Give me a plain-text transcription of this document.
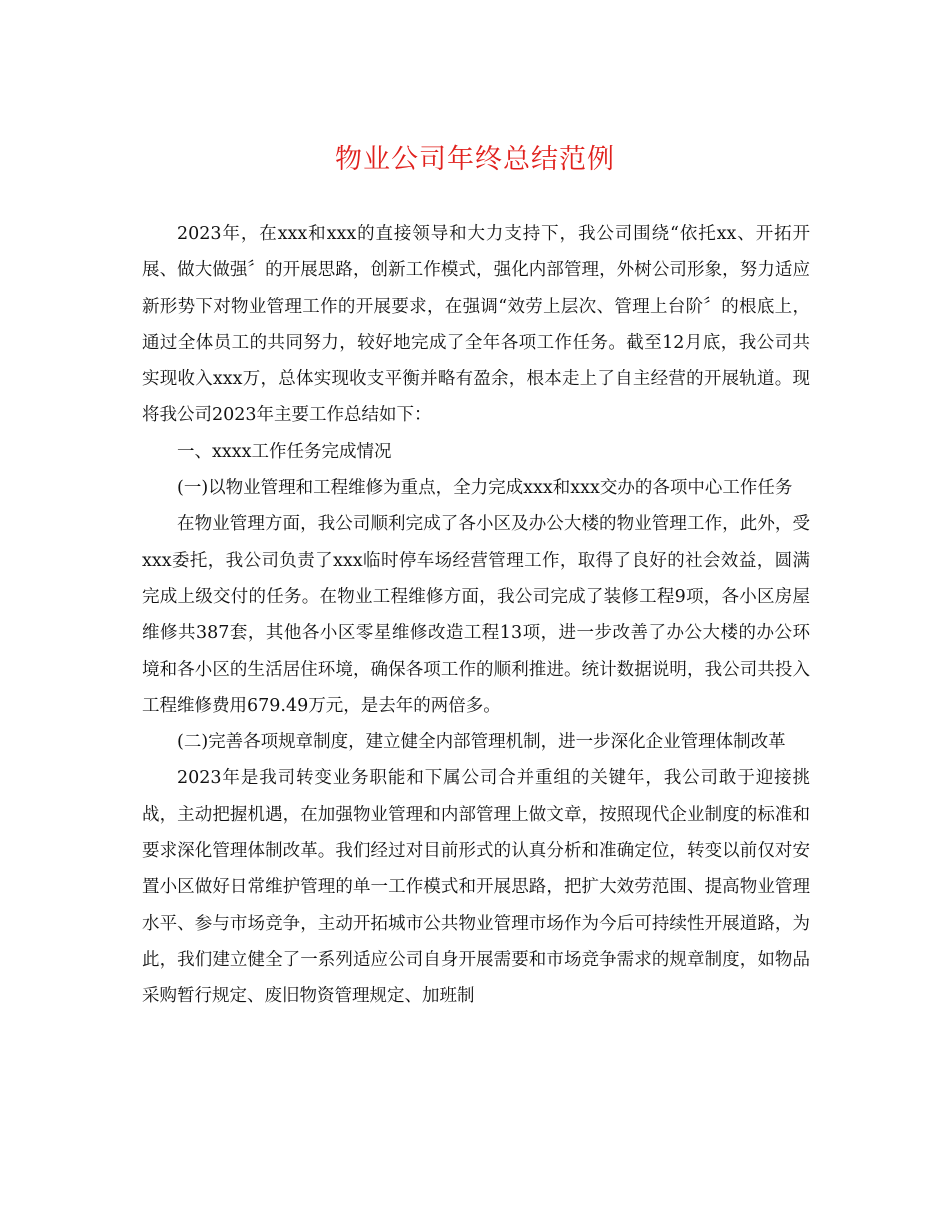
物业公司年终总结范例

2023年，在xxx和xxx的直接领导和大力支持下，我公司围绕“依托xx、开拓开展、做大做强〞的开展思路，创新工作模式，强化内部管理，外树公司形象，努力适应新形势下对物业管理工作的开展要求，在强调“效劳上层次、管理上台阶〞的根底上，通过全体员工的共同努力，较好地完成了全年各项工作任务。截至12月底，我公司共实现收入xxx万，总体实现收支平衡并略有盈余，根本走上了自主经营的开展轨道。现将我公司2023年主要工作总结如下：

一、xxxx工作任务完成情况

(一)以物业管理和工程维修为重点，全力完成xxx和xxx交办的各项中心工作任务

在物业管理方面，我公司顺利完成了各小区及办公大楼的物业管理工作，此外，受xxx委托，我公司负责了xxx临时停车场经营管理工作，取得了良好的社会效益，圆满完成上级交付的任务。在物业工程维修方面，我公司完成了装修工程9项，各小区房屋维修共387套，其他各小区零星维修改造工程13项，进一步改善了办公大楼的办公环境和各小区的生活居住环境，确保各项工作的顺利推进。统计数据说明，我公司共投入工程维修费用679.49万元，是去年的两倍多。

(二)完善各项规章制度，建立健全内部管理机制，进一步深化企业管理体制改革

2023年是我司转变业务职能和下属公司合并重组的关键年，我公司敢于迎接挑战，主动把握机遇，在加强物业管理和内部管理上做文章，按照现代企业制度的标准和要求深化管理体制改革。我们经过对目前形式的认真分析和准确定位，转变以前仅对安置小区做好日常维护管理的单一工作模式和开展思路，把扩大效劳范围、提高物业管理水平、参与市场竞争，主动开拓城市公共物业管理市场作为今后可持续性开展道路，为此，我们建立健全了一系列适应公司自身开展需要和市场竞争需求的规章制度，如物品采购暂行规定、废旧物资管理规定、加班制
